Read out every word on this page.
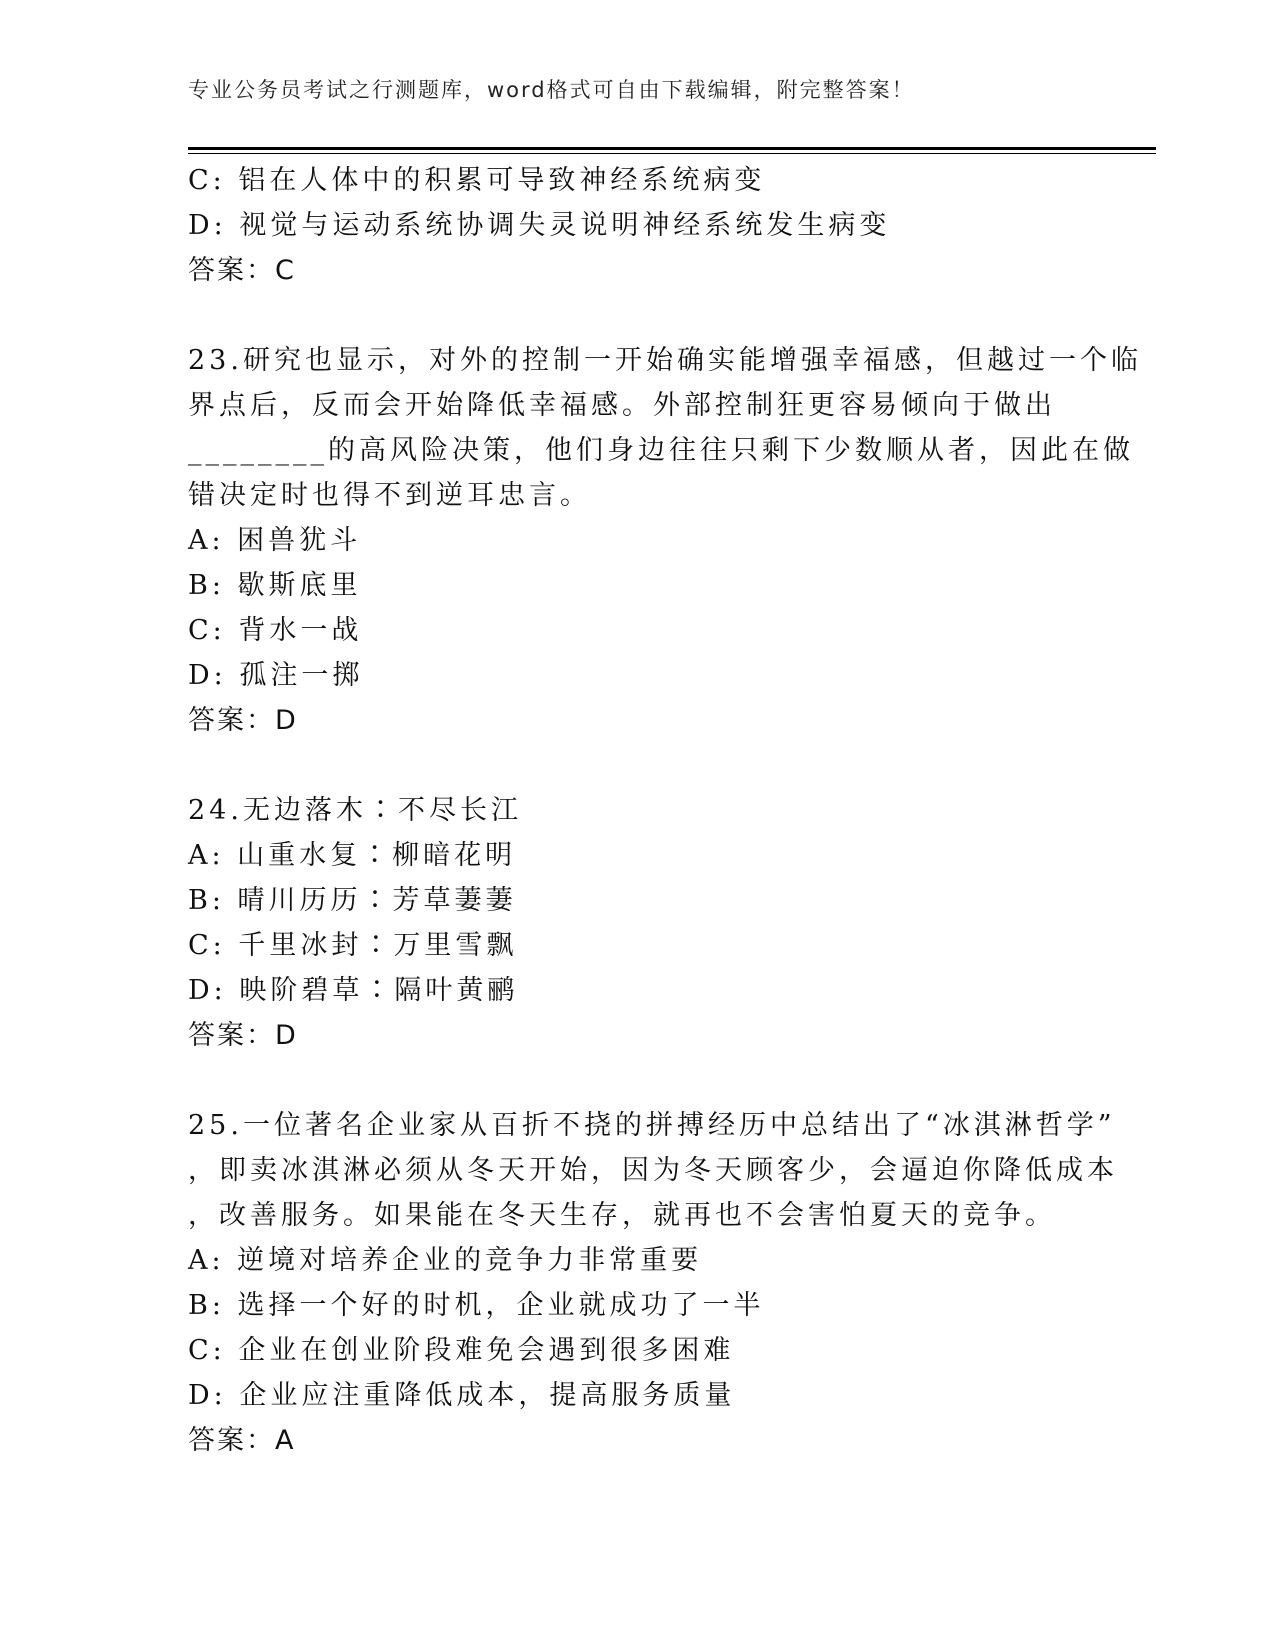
专业公务员考试之行测题库，word格式可自由下载编辑，附完整答案！
C: 铝在人体中的积累可导致神经系统病变
D: 视觉与运动系统协调失灵说明神经系统发生病变
答案：C
23.研究也显示，对外的控制一开始确实能增强幸福感，但越过一个临
界点后，反而会开始降低幸福感。外部控制狂更容易倾向于做出
________的高风险决策，他们身边往往只剩下少数顺从者，因此在做
错决定时也得不到逆耳忠言。
A: 困兽犹斗
B: 歇斯底里
C: 背水一战
D: 孤注一掷
答案：D
24.无边落木∶不尽长江
A: 山重水复∶柳暗花明
B: 晴川历历∶芳草萋萋
C: 千里冰封∶万里雪飘
D: 映阶碧草∶隔叶黄鹂
答案：D
25.一位著名企业家从百折不挠的拼搏经历中总结出了“冰淇淋哲学”
，即卖冰淇淋必须从冬天开始，因为冬天顾客少，会逼迫你降低成本
，改善服务。如果能在冬天生存，就再也不会害怕夏天的竞争。
A: 逆境对培养企业的竞争力非常重要
B: 选择一个好的时机，企业就成功了一半
C: 企业在创业阶段难免会遇到很多困难
D: 企业应注重降低成本，提高服务质量
答案：A
